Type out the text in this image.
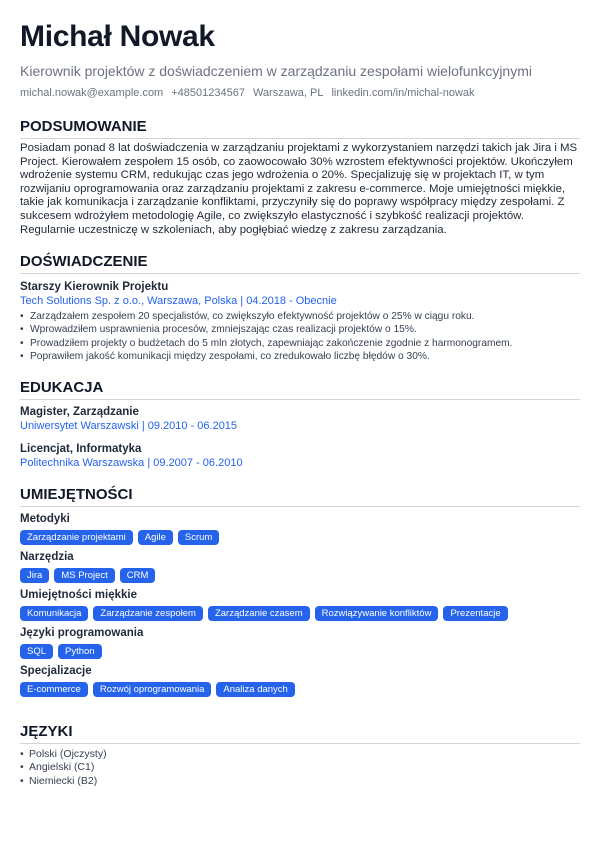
Michał Nowak
Kierownik projektów z doświadczeniem w zarządzaniu zespołami wielofunkcyjnymi
michal.nowak@example.com +48501234567 Warszawa, PL linkedin.com/in/michal-nowak
PODSUMOWANIE
Posiadam ponad 8 lat doświadczenia w zarządzaniu projektami z wykorzystaniem narzędzi takich jak Jira i MS Project. Kierowałem zespołem 15 osób, co zaowocowało 30% wzrostem efektywności projektów. Ukończyłem wdrożenie systemu CRM, redukując czas jego wdrożenia o 20%. Specjalizuję się w projektach IT, w tym rozwijaniu oprogramowania oraz zarządzaniu projektami z zakresu e-commerce. Moje umiejętności miękkie, takie jak komunikacja i zarządzanie konfliktami, przyczyniły się do poprawy współpracy między zespołami. Z sukcesem wdrożyłem metodologię Agile, co zwiększyło elastyczność i szybkość realizacji projektów. Regularnie uczestniczę w szkoleniach, aby pogłębiać wiedzę z zakresu zarządzania.
DOŚWIADCZENIE
Starszy Kierownik Projektu
Tech Solutions Sp. z o.o., Warszawa, Polska | 04.2018 - Obecnie
• Zarządzałem zespołem 20 specjalistów, co zwiększyło efektywność projektów o 25% w ciągu roku.
• Wprowadziłem usprawnienia procesów, zmniejszając czas realizacji projektów o 15%.
• Prowadziłem projekty o budżetach do 5 mln złotych, zapewniając zakończenie zgodnie z harmonogramem.
• Poprawiłem jakość komunikacji między zespołami, co zredukowało liczbę błędów o 30%.
EDUKACJA
Magister, Zarządzanie
Uniwersytet Warszawski | 09.2010 - 06.2015
Licencjat, Informatyka
Politechnika Warszawska | 09.2007 - 06.2010
UMIEJĘTNOŚCI
Metodyki
Zarządzanie projektami	Agile	Scrum
Narzędzia
Jira	MS Project	CRM
Umiejętności miękkie
Komunikacja	Zarządzanie zespołem	Zarządzanie czasem	Rozwiązywanie konfliktów	Prezentacje
Języki programowania
SQL	Python
Specjalizacje
E-commerce	Rozwój oprogramowania	Analiza danych
JĘZYKI
• Polski (Ojczysty)
• Angielski (C1)
• Niemiecki (B2)
